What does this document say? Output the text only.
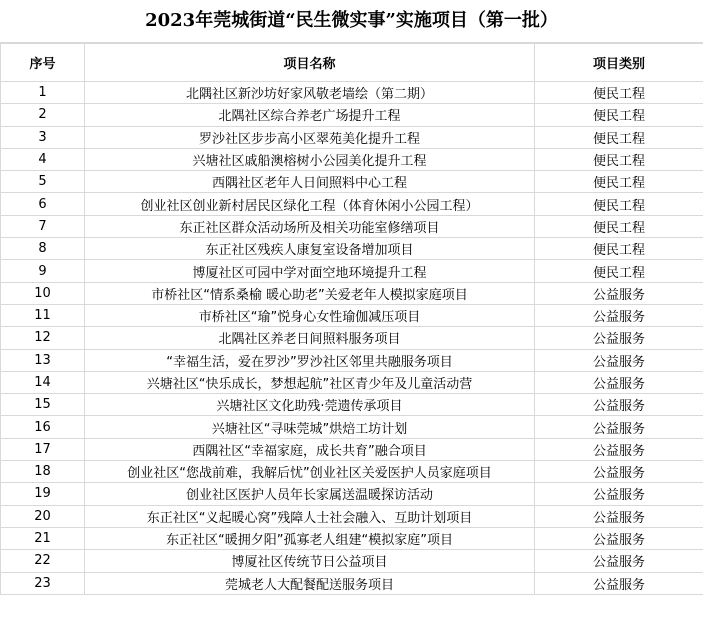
2023年莞城街道“民生微实事”实施项目（第一批）
序号	项目名称	项目类别
1	北隅社区新沙坊好家风敬老墙绘（第二期）	便民工程
2	北隅社区综合养老广场提升工程	便民工程
3	罗沙社区步步高小区翠苑美化提升工程	便民工程
4	兴塘社区戚船澳榕树小公园美化提升工程	便民工程
5	西隅社区老年人日间照料中心工程	便民工程
6	创业社区创业新村居民区绿化工程（体育休闲小公园工程）	便民工程
7	东正社区群众活动场所及相关功能室修缮项目	便民工程
8	东正社区残疾人康复室设备增加项目	便民工程
9	博厦社区可园中学对面空地环境提升工程	便民工程
10	市桥社区“情系桑榆 暖心助老”关爱老年人模拟家庭项目	公益服务
11	市桥社区“瑜”悦身心女性瑜伽减压项目	公益服务
12	北隅社区养老日间照料服务项目	公益服务
13	“幸福生活，爱在罗沙”罗沙社区邻里共融服务项目	公益服务
14	兴塘社区“快乐成长，梦想起航”社区青少年及儿童活动营	公益服务
15	兴塘社区文化助残·莞遗传承项目	公益服务
16	兴塘社区“寻味莞城”烘焙工坊计划	公益服务
17	西隅社区“幸福家庭，成长共育”融合项目	公益服务
18	创业社区“您战前难，我解后忧”创业社区关爱医护人员家庭项目	公益服务
19	创业社区医护人员年长家属送温暖探访活动	公益服务
20	东正社区“义起暖心窝”残障人士社会融入、互助计划项目	公益服务
21	东正社区“暖拥夕阳”孤寡老人组建“模拟家庭”项目	公益服务
22	博厦社区传统节日公益项目	公益服务
23	莞城老人大配餐配送服务项目	公益服务
